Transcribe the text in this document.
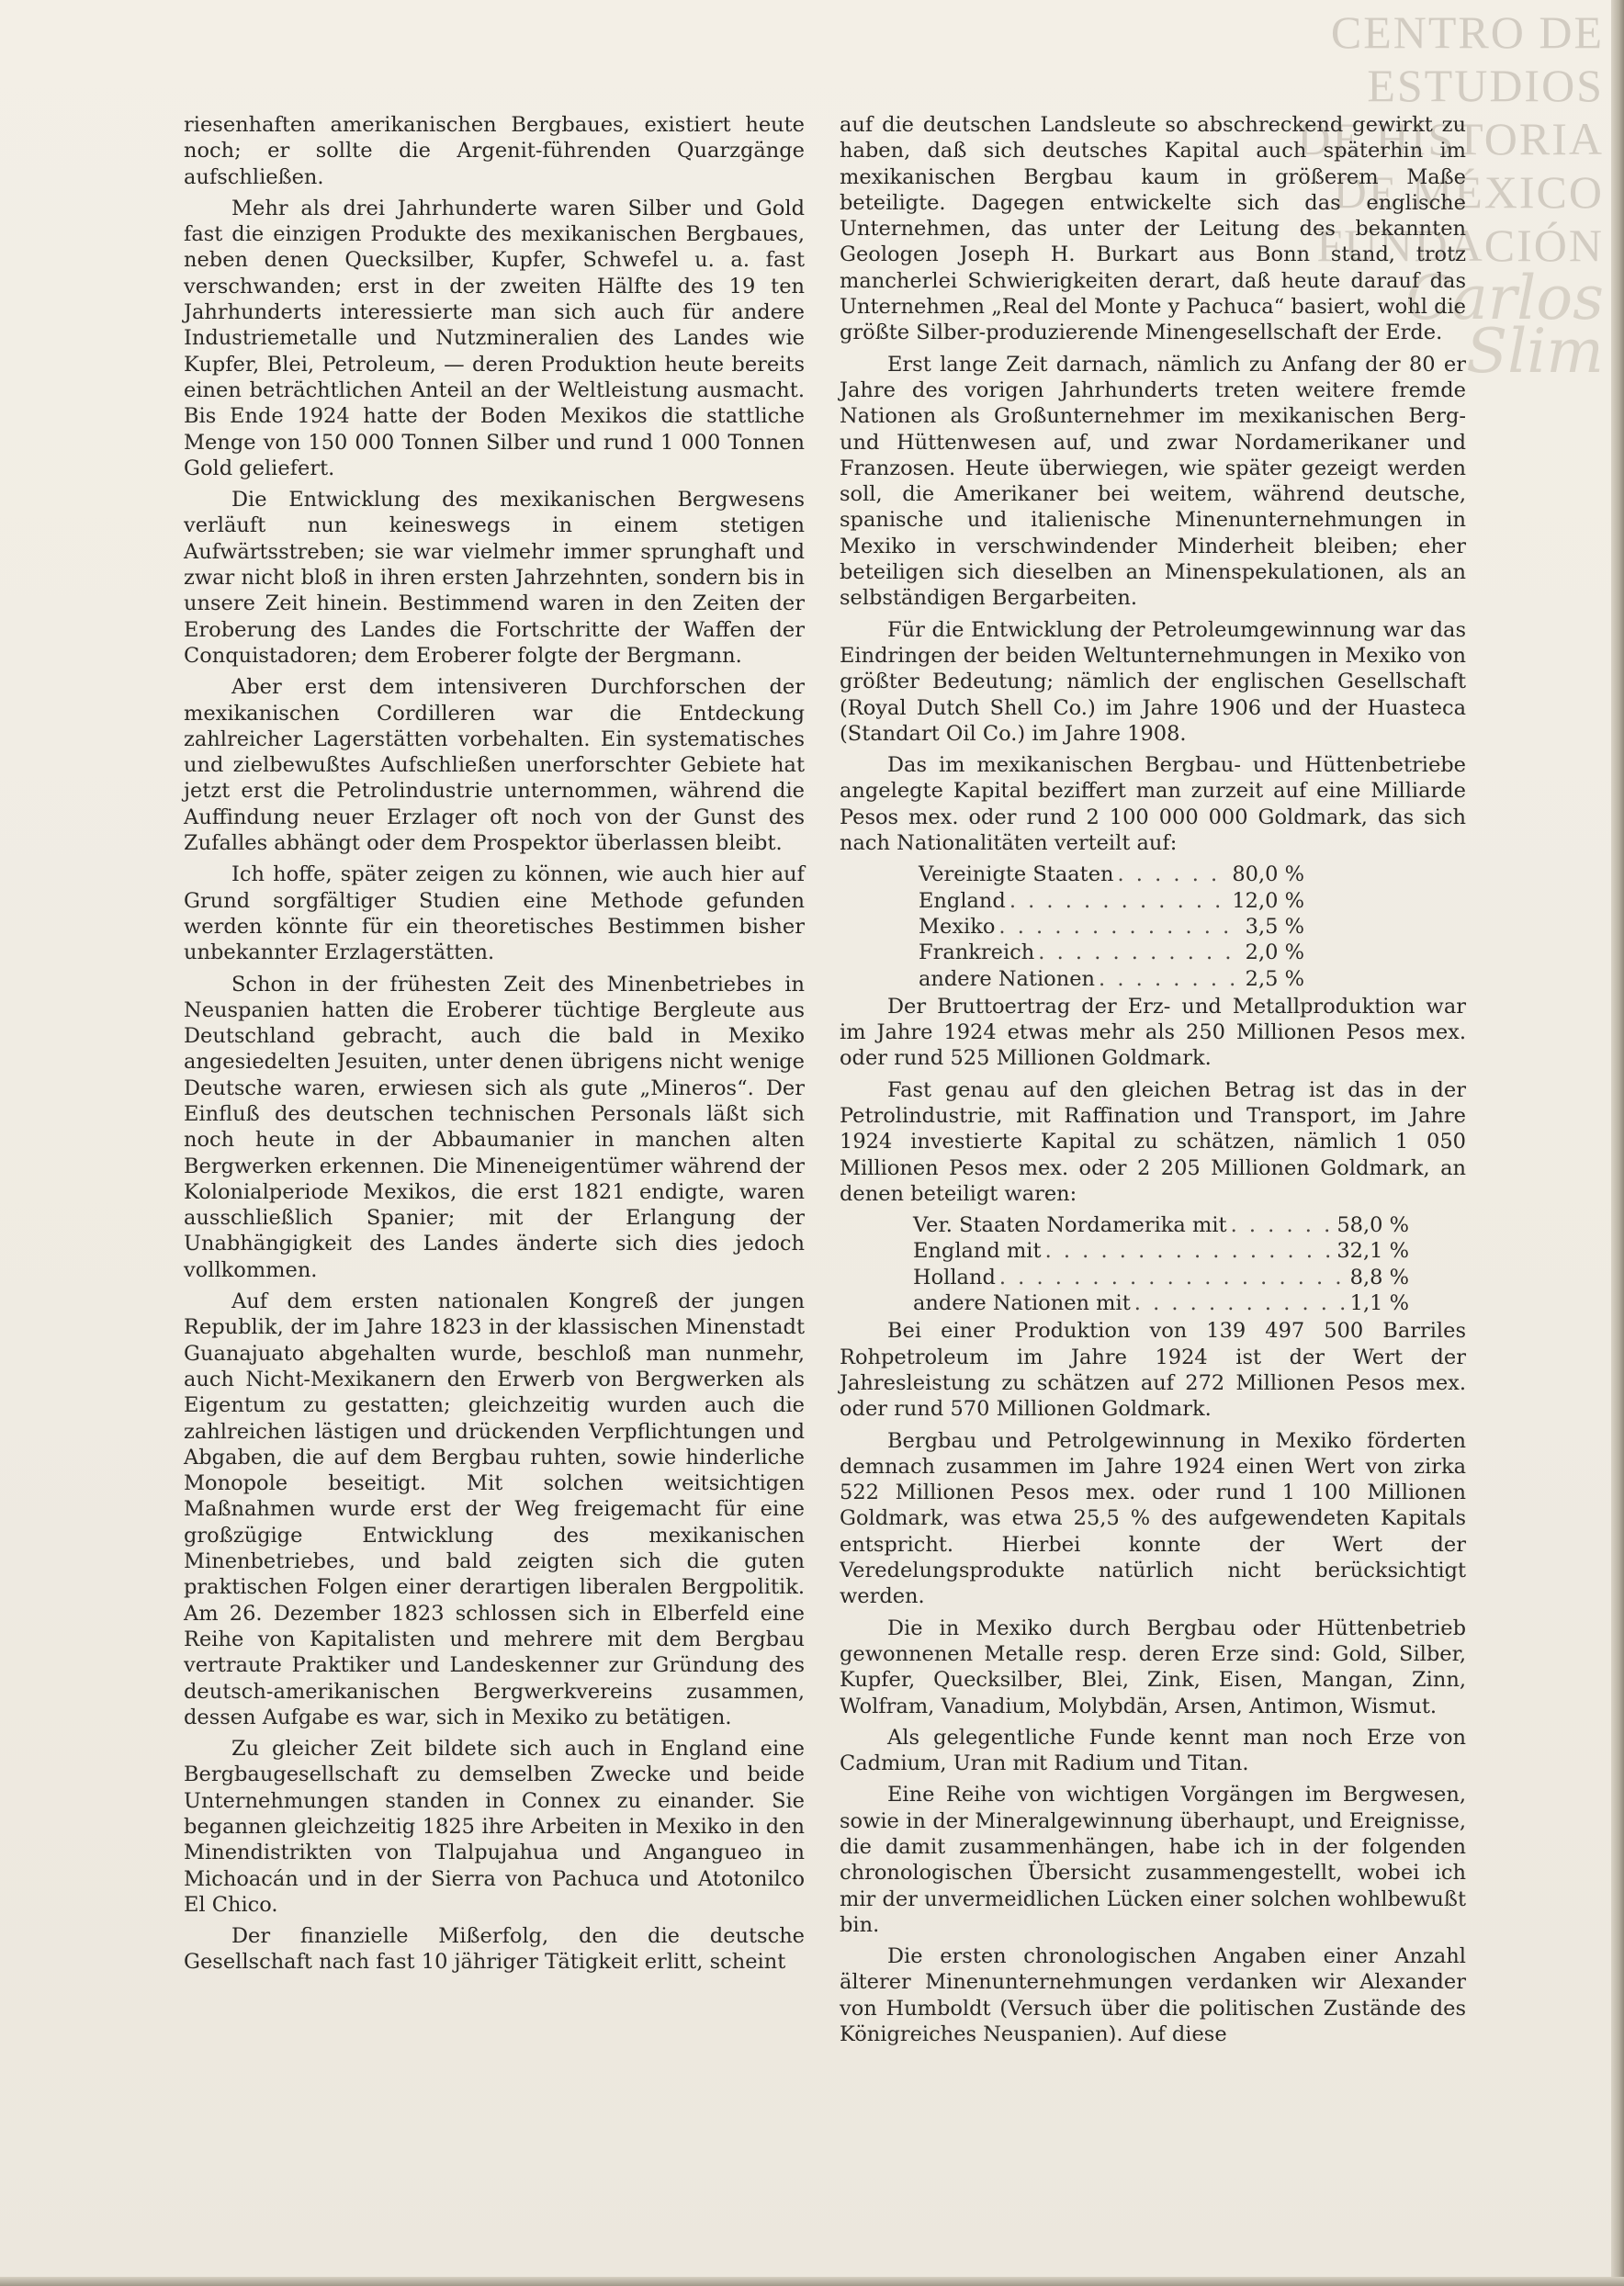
CENTRO DE
ESTUDIOS
DE HISTORIA
DE MÉXICO
FUNDACIÓN
Carlos Slim

riesenhaften amerikanischen Bergbaues, existiert heute noch; er sollte die Argenit-führenden Quarzgänge aufschließen.

Mehr als drei Jahrhunderte waren Silber und Gold fast die einzigen Produkte des mexikanischen Bergbaues, neben denen Quecksilber, Kupfer, Schwefel u. a. fast verschwanden; erst in der zweiten Hälfte des 19 ten Jahrhunderts interessierte man sich auch für andere Industriemetalle und Nutzmineralien des Landes wie Kupfer, Blei, Petroleum, — deren Produktion heute bereits einen beträchtlichen Anteil an der Weltleistung ausmacht. Bis Ende 1924 hatte der Boden Mexikos die stattliche Menge von 150 000 Tonnen Silber und rund 1 000 Tonnen Gold geliefert.

Die Entwicklung des mexikanischen Bergwesens verläuft nun keineswegs in einem stetigen Aufwärtsstreben; sie war vielmehr immer sprunghaft und zwar nicht bloß in ihren ersten Jahrzehnten, sondern bis in unsere Zeit hinein. Bestimmend waren in den Zeiten der Eroberung des Landes die Fortschritte der Waffen der Conquistadoren; dem Eroberer folgte der Bergmann.

Aber erst dem intensiveren Durchforschen der mexikanischen Cordilleren war die Entdeckung zahlreicher Lagerstätten vorbehalten. Ein systematisches und zielbewußtes Aufschließen unerforschter Gebiete hat jetzt erst die Petrolindustrie unternommen, während die Auffindung neuer Erzlager oft noch von der Gunst des Zufalles abhängt oder dem Prospektor überlassen bleibt.

Ich hoffe, später zeigen zu können, wie auch hier auf Grund sorgfältiger Studien eine Methode gefunden werden könnte für ein theoretisches Bestimmen bisher unbekannter Erzlagerstätten.

Schon in der frühesten Zeit des Minenbetriebes in Neuspanien hatten die Eroberer tüchtige Bergleute aus Deutschland gebracht, auch die bald in Mexiko angesiedelten Jesuiten, unter denen übrigens nicht wenige Deutsche waren, erwiesen sich als gute „Mineros“. Der Einfluß des deutschen technischen Personals läßt sich noch heute in der Abbaumanier in manchen alten Bergwerken erkennen. Die Mineneigentümer während der Kolonialperiode Mexikos, die erst 1821 endigte, waren ausschließlich Spanier; mit der Erlangung der Unabhängigkeit des Landes änderte sich dies jedoch vollkommen.

Auf dem ersten nationalen Kongreß der jungen Republik, der im Jahre 1823 in der klassischen Minenstadt Guanajuato abgehalten wurde, beschloß man nunmehr, auch Nicht-Mexikanern den Erwerb von Bergwerken als Eigentum zu gestatten; gleichzeitig wurden auch die zahlreichen lästigen und drückenden Verpflichtungen und Abgaben, die auf dem Bergbau ruhten, sowie hinderliche Monopole beseitigt. Mit solchen weitsichtigen Maßnahmen wurde erst der Weg freigemacht für eine großzügige Entwicklung des mexikanischen Minenbetriebes, und bald zeigten sich die guten praktischen Folgen einer derartigen liberalen Bergpolitik. Am 26. Dezember 1823 schlossen sich in Elberfeld eine Reihe von Kapitalisten und mehrere mit dem Bergbau vertraute Praktiker und Landeskenner zur Gründung des deutsch-amerikanischen Bergwerkvereins zusammen, dessen Aufgabe es war, sich in Mexiko zu betätigen.

Zu gleicher Zeit bildete sich auch in England eine Bergbaugesellschaft zu demselben Zwecke und beide Unternehmungen standen in Connex zu einander. Sie begannen gleichzeitig 1825 ihre Arbeiten in Mexiko in den Minendistrikten von Tlalpujahua und Angangueo in Michoacán und in der Sierra von Pachuca und Atotonilco El Chico.

Der finanzielle Mißerfolg, den die deutsche Gesellschaft nach fast 10 jähriger Tätigkeit erlitt, scheint

auf die deutschen Landsleute so abschreckend gewirkt zu haben, daß sich deutsches Kapital auch späterhin im mexikanischen Bergbau kaum in größerem Maße beteiligte. Dagegen entwickelte sich das englische Unternehmen, das unter der Leitung des bekannten Geologen Joseph H. Burkart aus Bonn stand, trotz mancherlei Schwierigkeiten derart, daß heute darauf das Unternehmen „Real del Monte y Pachuca“ basiert, wohl die größte Silber-produzierende Minengesellschaft der Erde.

Erst lange Zeit darnach, nämlich zu Anfang der 80 er Jahre des vorigen Jahrhunderts treten weitere fremde Nationen als Großunternehmer im mexikanischen Berg- und Hüttenwesen auf, und zwar Nordamerikaner und Franzosen. Heute überwiegen, wie später gezeigt werden soll, die Amerikaner bei weitem, während deutsche, spanische und italienische Minenunternehmungen in Mexiko in verschwindender Minderheit bleiben; eher beteiligen sich dieselben an Minenspekulationen, als an selbständigen Bergarbeiten.

Für die Entwicklung der Petroleumgewinnung war das Eindringen der beiden Weltunternehmungen in Mexiko von größter Bedeutung; nämlich der englischen Gesellschaft (Royal Dutch Shell Co.) im Jahre 1906 und der Huasteca (Standart Oil Co.) im Jahre 1908.

Das im mexikanischen Bergbau- und Hüttenbetriebe angelegte Kapital beziffert man zurzeit auf eine Milliarde Pesos mex. oder rund 2 100 000 000 Goldmark, das sich nach Nationalitäten verteilt auf:

Vereinigte Staaten . . .	80,0 %
England . . .	12,0 %
Mexiko . . .	3,5 %
Frankreich . . .	2,0 %
andere Nationen . . .	2,5 %

Der Bruttoertrag der Erz- und Metallproduktion war im Jahre 1924 etwas mehr als 250 Millionen Pesos mex. oder rund 525 Millionen Goldmark.

Fast genau auf den gleichen Betrag ist das in der Petrolindustrie, mit Raffination und Transport, im Jahre 1924 investierte Kapital zu schätzen, nämlich 1 050 Millionen Pesos mex. oder 2 205 Millionen Goldmark, an denen beteiligt waren:

Ver. Staaten Nordamerika mit . . .	58,0 %
England mit . . .	32,1 %
Holland . . .	8,8 %
andere Nationen mit . . .	1,1 %

Bei einer Produktion von 139 497 500 Barriles Rohpetroleum im Jahre 1924 ist der Wert der Jahresleistung zu schätzen auf 272 Millionen Pesos mex. oder rund 570 Millionen Goldmark.

Bergbau und Petrolgewinnung in Mexiko förderten demnach zusammen im Jahre 1924 einen Wert von zirka 522 Millionen Pesos mex. oder rund 1 100 Millionen Goldmark, was etwa 25,5 % des aufgewendeten Kapitals entspricht. Hierbei konnte der Wert der Veredelungsprodukte natürlich nicht berücksichtigt werden.

Die in Mexiko durch Bergbau oder Hüttenbetrieb gewonnenen Metalle resp. deren Erze sind: Gold, Silber, Kupfer, Quecksilber, Blei, Zink, Eisen, Mangan, Zinn, Wolfram, Vanadium, Molybdän, Arsen, Antimon, Wismut.

Als gelegentliche Funde kennt man noch Erze von Cadmium, Uran mit Radium und Titan.

Eine Reihe von wichtigen Vorgängen im Bergwesen, sowie in der Mineralgewinnung überhaupt, und Ereignisse, die damit zusammenhängen, habe ich in der folgenden chronologischen Übersicht zusammengestellt, wobei ich mir der unvermeidlichen Lücken einer solchen wohlbewußt bin.

Die ersten chronologischen Angaben einer Anzahl älterer Minenunternehmungen verdanken wir Alexander von Humboldt (Versuch über die politischen Zustände des Königreiches Neuspanien). Auf diese
